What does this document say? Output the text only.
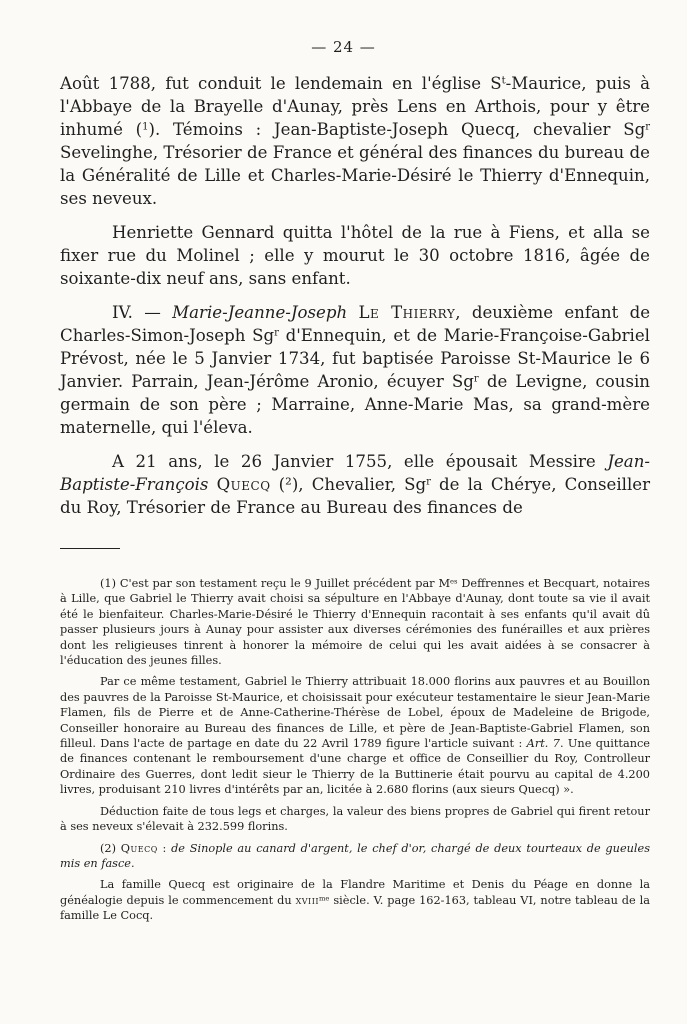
— 24 —

Août 1788, fut conduit le lendemain en l'église $S^t$-Maurice, puis à l'Abbaye de la Brayelle d'Aunay, près Lens en Arthois, pour y être inhumé ($^1$). Témoins : Jean-Baptiste-Joseph Quecq, chevalier Sg$^r$ Sevelinghe, Trésorier de France et général des finances du bureau de la Généralité de Lille et Charles-Marie-Désiré le Thierry d'Ennequin, ses neveux.

Henriette Gennard quitta l'hôtel de la rue à Fiens, et alla se fixer rue du Molinel ; elle y mourut le 30 octobre 1816, âgée de soixante-dix neuf ans, sans enfant.

IV. — Marie-Jeanne-Joseph Le Thierry, deuxième enfant de Charles-Simon-Joseph Sg$^r$ d'Ennequin, et de Marie-Françoise-Gabriel Prévost, née le 5 Janvier 1734, fut baptisée Paroisse St-Maurice le 6 Janvier. Parrain, Jean-Jérôme Aronio, écuyer Sg$^r$ de Levigne, cousin germain de son père ; Marraine, Anne-Marie Mas, sa grand-mère maternelle, qui l'éleva.

A 21 ans, le 26 Janvier 1755, elle épousait Messire Jean-Baptiste-François Quecq (²), Chevalier, Sg$^r$ de la Chérye, Conseiller du Roy, Trésorier de France au Bureau des finances de

(1) C'est par son testament reçu le 9 Juillet précédent par $M^{es}$ Deffrennes et Becquart, notaires à Lille, que Gabriel le Thierry avait choisi sa sépulture en l'Abbaye d'Aunay, dont toute sa vie il avait été le bienfaiteur. Charles-Marie-Désiré le Thierry d'Ennequin racontait à ses enfants qu'il avait dû passer plusieurs jours à Aunay pour assister aux diverses cérémonies des funérailles et aux prières dont les religieuses tinrent à honorer la mémoire de celui qui les avait aidées à se consacrer à l'éducation des jeunes filles.

Par ce même testament, Gabriel le Thierry attribuait 18.000 florins aux pauvres et au Bouillon des pauvres de la Paroisse St-Maurice, et choisissait pour exécuteur testamentaire le sieur Jean-Marie Flamen, fils de Pierre et de Anne-Catherine-Thérèse de Lobel, époux de Madeleine de Brigode, Conseiller honoraire au Bureau des finances de Lille, et père de Jean-Baptiste-Gabriel Flamen, son filleul. Dans l'acte de partage en date du 22 Avril 1789 figure l'article suivant : Art. 7. Une quittance de finances contenant le remboursement d'une charge et office de Conseillier du Roy, Controlleur Ordinaire des Guerres, dont ledit sieur le Thierry de la Buttinerie était pourvu au capital de 4.200 livres, produisant 210 livres d'intérêts par an, licitée à 2.680 florins (aux sieurs Quecq) ».

Déduction faite de tous legs et charges, la valeur des biens propres de Gabriel qui firent retour à ses neveux s'élevait à 232.599 florins.

(2) Quecq : de Sinople au canard d'argent, le chef d'or, chargé de deux tourteaux de gueules mis en fasce.

La famille Quecq est originaire de la Flandre Maritime et Denis du Péage en donne la généalogie depuis le commencement du xviii$^{me}$ siècle. V. page 162-163, tableau VI, notre tableau de la famille Le Cocq.
